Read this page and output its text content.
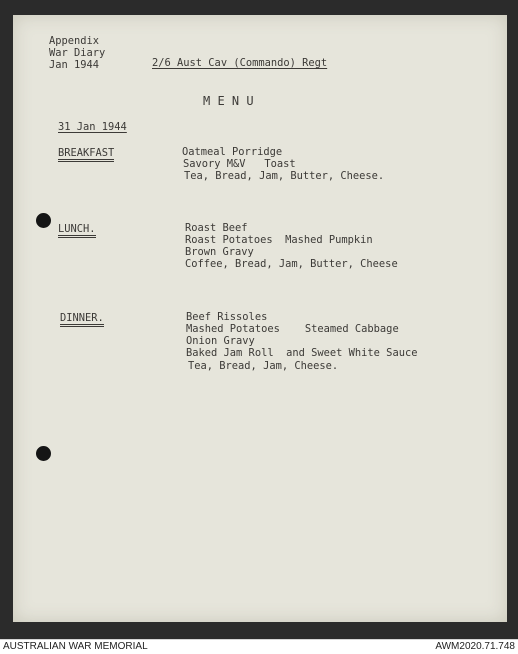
Appendix
War Diary
Jan 1944	2/6 Aust Cav (Commando) Regt
M E N U
31 Jan 1944
BREAKFAST	Oatmeal Porridge
Savory M&V   Toast
Tea, Bread, Jam, Butter, Cheese.
LUNCH.	Roast Beef
Roast Potatoes  Mashed Pumpkin
Brown Gravy
Coffee, Bread, Jam, Butter, Cheese
DINNER.	Beef Rissoles
Mashed Potatoes    Steamed Cabbage
Onion Gravy
Baked Jam Roll  and Sweet White Sauce
Tea, Bread, Jam, Cheese.
AUSTRALIAN WAR MEMORIAL	AWM2020.71.748
